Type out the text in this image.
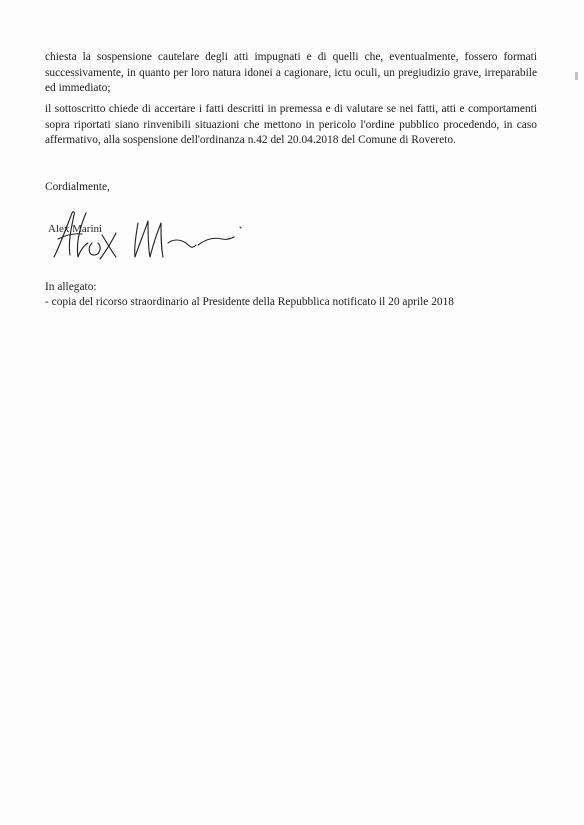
chiesta la sospensione cautelare degli atti impugnati e di quelli che, eventualmente, fossero formati successivamente, in quanto per loro natura idonei a cagionare, ictu oculi, un pregiudizio grave, irreparabile ed immediato;

il sottoscritto chiede di accertare i fatti descritti in premessa e di valutare se nei fatti, atti e comportamenti sopra riportati siano rinvenibili situazioni che mettono in pericolo l'ordine pubblico procedendo, in caso affermativo, alla sospensione dell'ordinanza n.42 del 20.04.2018 del Comune di Rovereto.

Cordialmente,

Alex Marini

In allegato:

- copia del ricorso straordinario al Presidente della Repubblica notificato il 20 aprile 2018
